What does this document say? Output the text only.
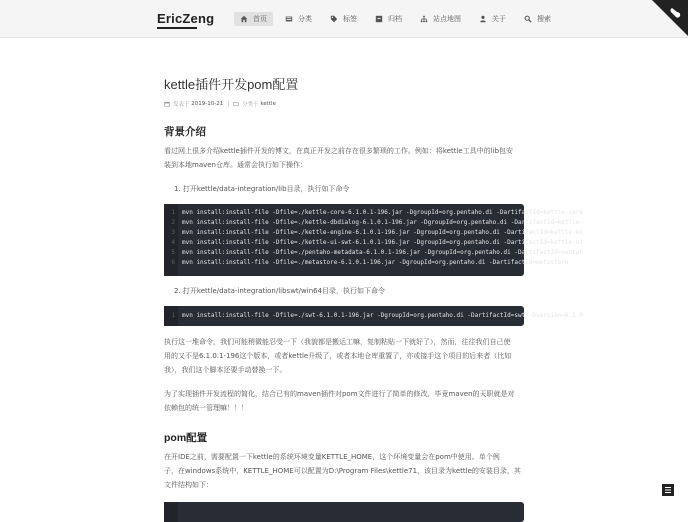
EricZeng	首页	分类	标签	归档	站点地图	关于	搜索
kettle插件开发pom配置
发表于
2019-10-21 | 分类于
kettle
背景介绍
看过网上很多介绍kettle插件开发的博文，在真正开发之前存在很多繁琐的工作。例如：将kettle工具中的lib包安
装到本地maven仓库。通常会执行如下操作：
1. 打开kettle/data-integration/lib目录，执行如下命令
1 mvn install:install-file -Dfile=./kettle-core-6.1.0.1-196.jar -DgroupId=org.pentaho.di -DartifactId=kettle-core
2 mvn install:install-file -Dfile=./kettle-dbdialog-6.1.0.1-196.jar -DgroupId=org.pentaho.di -DartifactId=kettle-
3 mvn install:install-file -Dfile=./kettle-engine-6.1.0.1-196.jar -DgroupId=org.pentaho.di -DartifactId=kettle-en
4 mvn install:install-file -Dfile=./kettle-ui-swt-6.1.0.1-196.jar -DgroupId=org.pentaho.di -DartifactId=kettle-ui
5 mvn install:install-file -Dfile=./pentaho-metadata-6.1.0.1-196.jar -DgroupId=org.pentaho.di -DartifactId=pentah
6 mvn install:install-file -Dfile=./metastore-6.1.0.1-196.jar -DgroupId=org.pentaho.di -DartifactId=metastore
2. 打开kettle/data-integration/libswt/win64目录，执行如下命令
1 mvn install:install-file -Dfile=./swt-6.1.0.1-196.jar -DgroupId=org.pentaho.di -DartifactId=swt -Dversion=6.1.0
执行这一堆命令，我们可能稍微能忍受一下（我貌都是搬运工嘛，复制粘贴一下就好了），然而，往往我们自己使
用的又不是6.1.0.1-196这个版本，或者kettle升级了，或者本地仓库重置了，亦或接手这个项目的后来者（比如
我），我们这个脚本还要手动替换一下。
为了实现插件开发流程的简化，结合已有的maven插件对pom文件进行了简单的修改，毕竟maven的天职就是对
依赖包的统一管理嘛！！！
pom配置
在开IDE之前，需要配置一下kettle的系统环境变量KETTLE_HOME，这个环境变量会在pom中使用。单个例
子，在windows系统中，KETTLE_HOME可以配置为D:\Program Files\kettle71，该目录为kettle的安装目录，其
文件结构如下：
